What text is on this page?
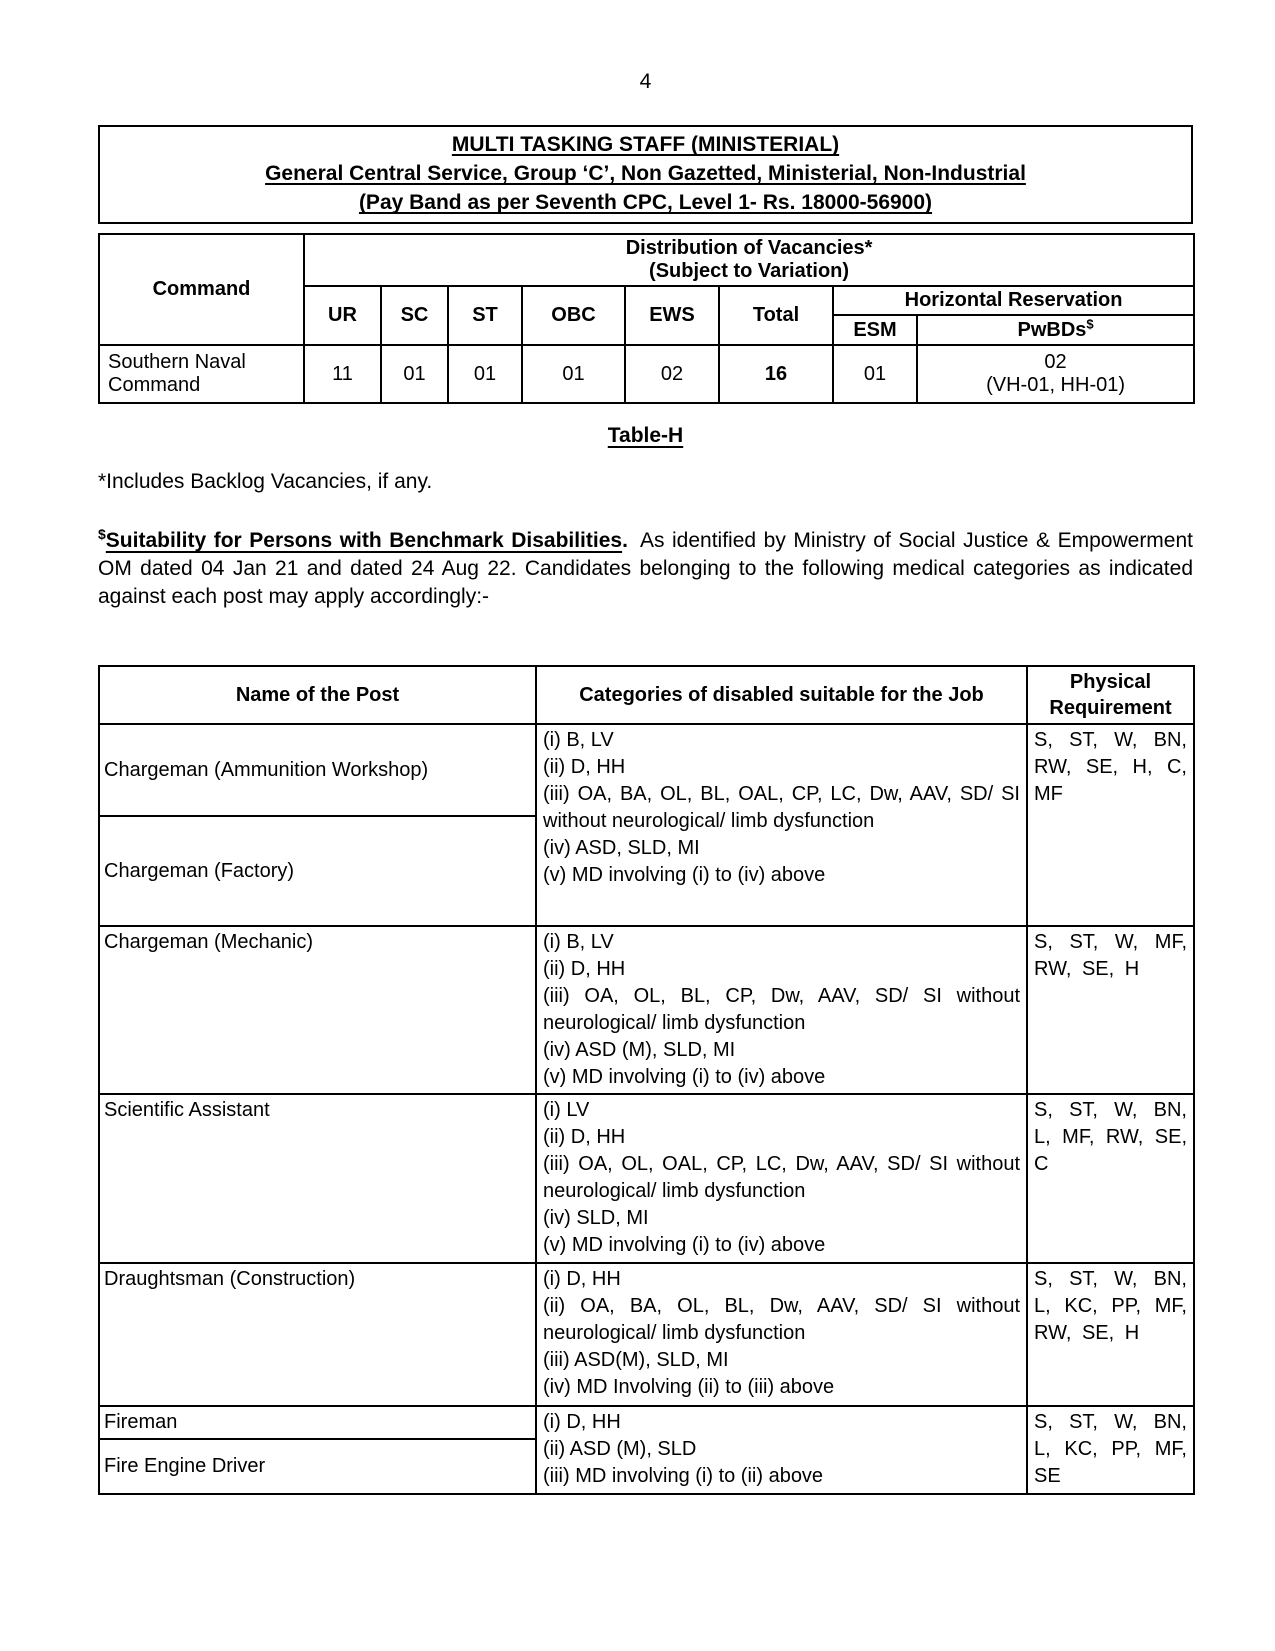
4
MULTI TASKING STAFF (MINISTERIAL)
General Central Service, Group ‘C’, Non Gazetted, Ministerial, Non-Industrial
(Pay Band as per Seventh CPC, Level 1- Rs. 18000-56900)
Command	Distribution of Vacancies*
(Subject to Variation)							

	UR	SC	ST	OBC	EWS	Total	Horizontal Reservation	
							ESM	PwBDs$
Southern Naval Command	11	01	01	01	02	16	01	02
(VH-01, HH-01)
Table-H
*Includes Backlog Vacancies, if any.
$Suitability for Persons with Benchmark Disabilities. As identified by Ministry of Social Justice & Empowerment OM dated 04 Jan 21 and dated 24 Aug 22. Candidates belonging to the following medical categories as indicated against each post may apply accordingly:-
Name of the Post	Categories of disabled suitable for the Job	Physical Requirement
Chargeman (Ammunition Workshop)	(i) B, LV
(ii) D, HH
(iii) OA, BA, OL, BL, OAL, CP, LC, Dw, AAV, SD/ SI without neurological/ limb dysfunction
(iv) ASD, SLD, MI
(v) MD involving (i) to (iv) above	S, ST, W, BN, RW, SE, H, C, MF
Chargeman (Factory)		
Chargeman (Mechanic)	(i) B, LV
(ii) D, HH
(iii) OA, OL, BL, CP, Dw, AAV, SD/ SI without neurological/ limb dysfunction
(iv) ASD (M), SLD, MI
(v) MD involving (i) to (iv) above	S, ST, W, MF, RW, SE, H
Scientific Assistant	(i) LV
(ii) D, HH
(iii) OA, OL, OAL, CP, LC, Dw, AAV, SD/ SI without neurological/ limb dysfunction
(iv) SLD, MI
(v) MD involving (i) to (iv) above	S, ST, W, BN, L, MF, RW, SE, C
Draughtsman (Construction)	(i) D, HH
(ii) OA, BA, OL, BL, Dw, AAV, SD/ SI without neurological/ limb dysfunction
(iii) ASD(M), SLD, MI
(iv) MD Involving (ii) to (iii) above	S, ST, W, BN, L, KC, PP, MF, RW, SE, H
Fireman	(i) D, HH
(ii) ASD (M), SLD
(iii) MD involving (i) to (ii) above	S, ST, W, BN, L, KC, PP, MF, SE
Fire Engine Driver		
